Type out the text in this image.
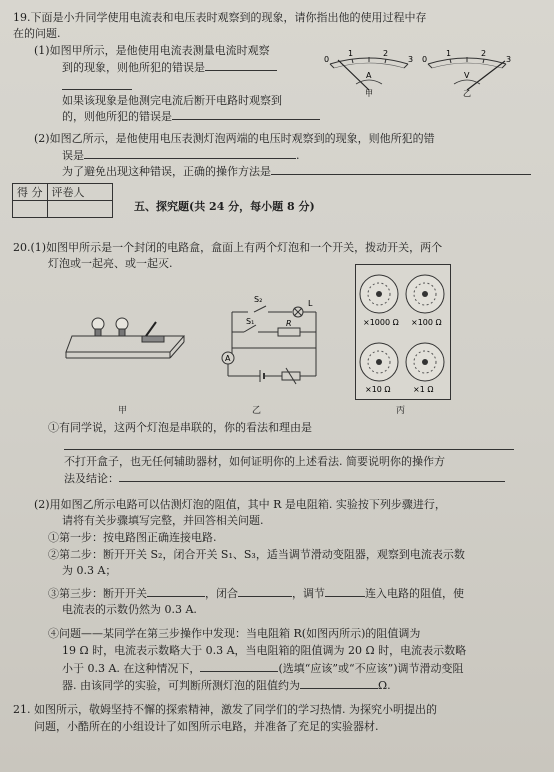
19.下面是小升同学使用电流表和电压表时观察到的现象，请你指出他的使用过程中存
在的问题.
(1)如图甲所示，是他使用电流表测量电流时观察
到的现象，则他所犯的错误是
如果该现象是他测完电流后断开电路时观察到
的，则他所犯的错误是
(2)如图乙所示，是他使用电压表测灯泡两端的电压时观察到的现象，则他所犯的错
误是	.
为了避免出现这种错误，正确的操作方法是
0
1	2
3
A
甲
0
1	2
3
V
乙
得 分	评卷人

五、探究题(共 24 分，每小题 8 分)
20.(1)如图甲所示是一个封闭的电路盒，盒面上有两个灯泡和一个开关，拨动开关，两个
灯泡或一起亮、或一起灭.
甲
S₂
S₁
L
R
A
乙
×1000 Ω ×100 Ω
×10 Ω	×1 Ω
丙
①有同学说，这两个灯泡是串联的，你的看法和理由是
不打开盒子，也无任何辅助器材，如何证明你的上述看法. 简要说明你的操作方
法及结论：
(2)用如图乙所示电路可以估测灯泡的阻值，其中 R 是电阻箱. 实验按下列步骤进行，
请将有关步骤填写完整，并回答相关问题.
①第一步：按电路图正确连接电路.
②第二步：断开开关 S₂，闭合开关 S₁、S₃，适当调节滑动变阻器，观察到电流表示数
为 0.3 A；
③第三步：断开开关	，闭合	，调节	连入电路的阻值，使
电流表的示数仍然为 0.3 A.
④问题——某同学在第三步操作中发现：当电阻箱 R(如图丙所示)的阻值调为
19 Ω 时，电流表示数略大于 0.3 A，当电阻箱的阻值调为 20 Ω 时，电流表示数略
小于 0.3 A. 在这种情况下，	(选填“应该”或“不应该”)调节滑动变阻
器. 由该同学的实验，可判断所测灯泡的阻值约为	Ω.
21. 如图所示，敬姆坚持不懈的探索精神，激发了同学们的学习热情. 为探究小明提出的
问题，小酷所在的小组设计了如图所示电路，并准备了充足的实验器材.
